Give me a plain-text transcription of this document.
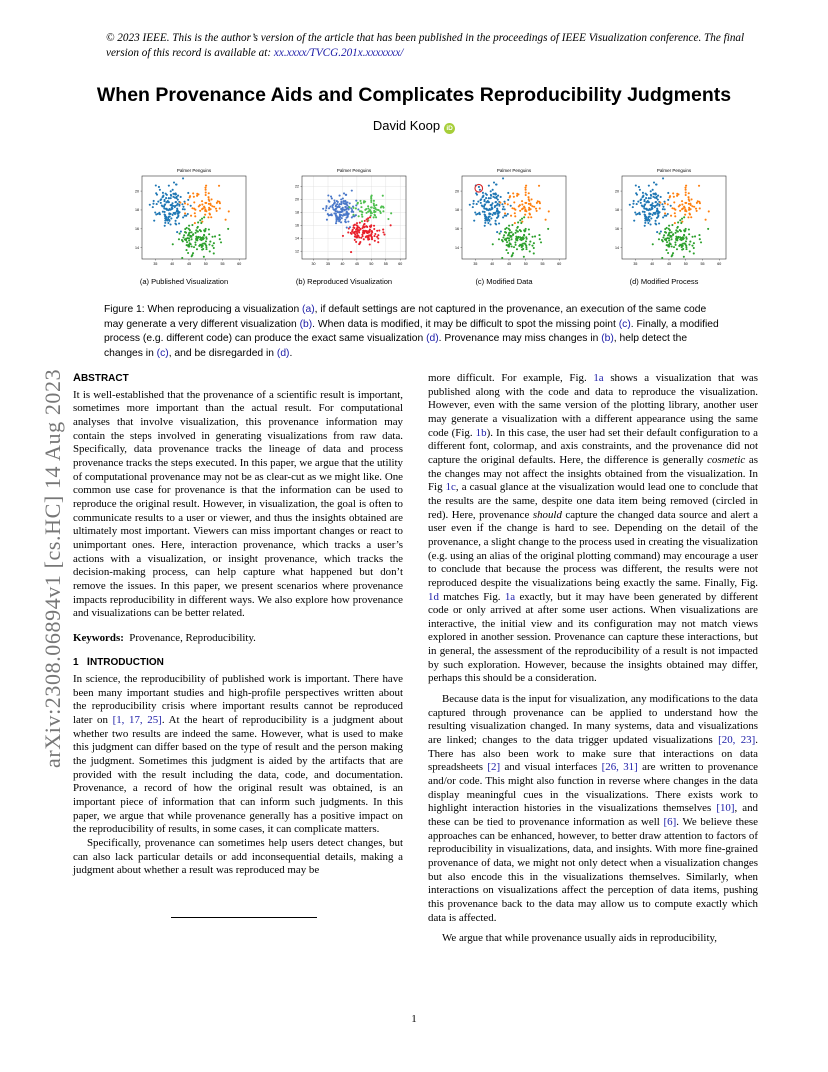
© 2023 IEEE. This is the author’s version of the article that has been published in the proceedings of IEEE Visualization conference. The final version of this record is available at: xx.xxxx/TVCG.201x.xxxxxxx/
When Provenance Aids and Complicates Reproducibility Judgments
David Koop iD
Palmer Penguins
35	40	45	50	55	60
14
16
18
20
Palmer Penguins
30	35	40	45	50	55	60
12
14
16
18
20
22
Palmer Penguins
35	40	45	50	55	60
14
16
18
20
Palmer Penguins
35	40	45	50	55	60
14
16
18
20
(a) Published Visualization	(b) Reproduced Visualization	(c) Modified Data	(d) Modified Process
Figure 1: When reproducing a visualization (a), if default settings are not captured in the provenance, an execution of the same code may generate a very different visualization (b). When data is modified, it may be difficult to spot the missing point (c). Finally, a modified process (e.g. different code) can produce the exact same visualization (d). Provenance may miss changes in (b), help detect the changes in (c), and be disregarded in (d).
arXiv:2308.06894v1 [cs.HC] 14 Aug 2023 ABSTRACT

It is well-established that the provenance of a scientific result is important, sometimes more important than the actual result. For computational analyses that involve visualization, this provenance information may contain the steps involved in generating visualizations from raw data. Specifically, data provenance tracks the lineage of data and process provenance tracks the steps executed. In this paper, we argue that the utility of computational provenance may not be as clear-cut as we might like. One common use case for provenance is that the information can be used to reproduce the original result. However, in visualization, the goal is often to communicate results to a user or viewer, and thus the insights obtained are ultimately most important. Viewers can miss important changes or react to unimportant ones. Here, interaction provenance, which tracks a user’s actions with a visualization, or insight provenance, which tracks the decision-making process, can help capture what happened but don’t remove the issues. In this paper, we present scenarios where provenance impacts reproducibility in different ways. We also explore how provenance and visualizations can be better related.

Keywords: Provenance, Reproducibility.

1 INTRODUCTION

In science, the reproducibility of published work is important. There have been many important studies and high-profile perspectives written about the reproducibility crisis where important results cannot be reproduced later on [1, 17, 25]. At the heart of reproducibility is a judgment about whether two results are indeed the same. However, what is used to make this judgment can differ based on the type of result and the person making the judgment. Sometimes this judgment is aided by the artifacts that are provided with the result including the data, code, and documentation. Provenance, a record of how the original result was obtained, is an important piece of information that can inform such judgments. In this paper, we argue that while provenance generally has a positive impact on the reproducibility of results, in some cases, it can complicate matters.

Specifically, provenance can sometimes help users detect changes, but can also lack particular details or add inconsequential details, making a judgment about whether a result was reproduced may be

more difficult. For example, Fig. 1a shows a visualization that was published along with the code and data to reproduce the visualization. However, even with the same version of the plotting library, another user may generate a visualization with a different appearance using the same code (Fig. 1b). In this case, the user had set their default configuration to a different font, colormap, and axis constraints, and the provenance did not capture the original defaults. Here, the difference is generally cosmetic as the changes may not affect the insights obtained from the visualization. In Fig 1c, a casual glance at the visualization would lead one to conclude that the results are the same, despite one data item being removed (circled in red). Here, provenance should capture the changed data source and alert a user even if the change is hard to see. Depending on the detail of the provenance, a slight change to the process used in creating the visualization (e.g. using an alias of the original plotting command) may encourage a user to conclude that because the process was different, the results were not reproduced despite the visualizations being exactly the same. Finally, Fig. 1d matches Fig. 1a exactly, but it may have been generated by different code or only arrived at after some user actions. When visualizations are interactive, the initial view and its configuration may not match views explored in another session. Provenance can capture these interactions, but in general, the assessment of the reproducibility of a result is not impacted by such exploration. However, because the insights obtained may differ, perhaps this should be a consideration.

Because data is the input for visualization, any modifications to the data captured through provenance can be applied to understand how the resulting visualization changed. In many systems, data and visualizations are linked; changes to the data trigger updated visualizations [20, 23]. There has also been work to make sure that interactions on data spreadsheets [2] and visual interfaces [26, 31] are written to provenance and/or code. This might also function in reverse where changes in the data display meaningful cues in the visualizations. There exists work to highlight interaction histories in the visualizations themselves [10], and these can be tied to provenance information as well [6]. We believe these approaches can be enhanced, however, to better draw attention to factors of reproducibility in visualizations, data, and insights. With more fine-grained provenance of data, we might not only detect when a visualization changes but also encode this in the visualizations themselves. Similarly, when interactions on visualizations affect the perception of data items, pushing this provenance back to the data may allow us to compute exactly which data is affected.

We argue that while provenance usually aids in reproducibility,

1
